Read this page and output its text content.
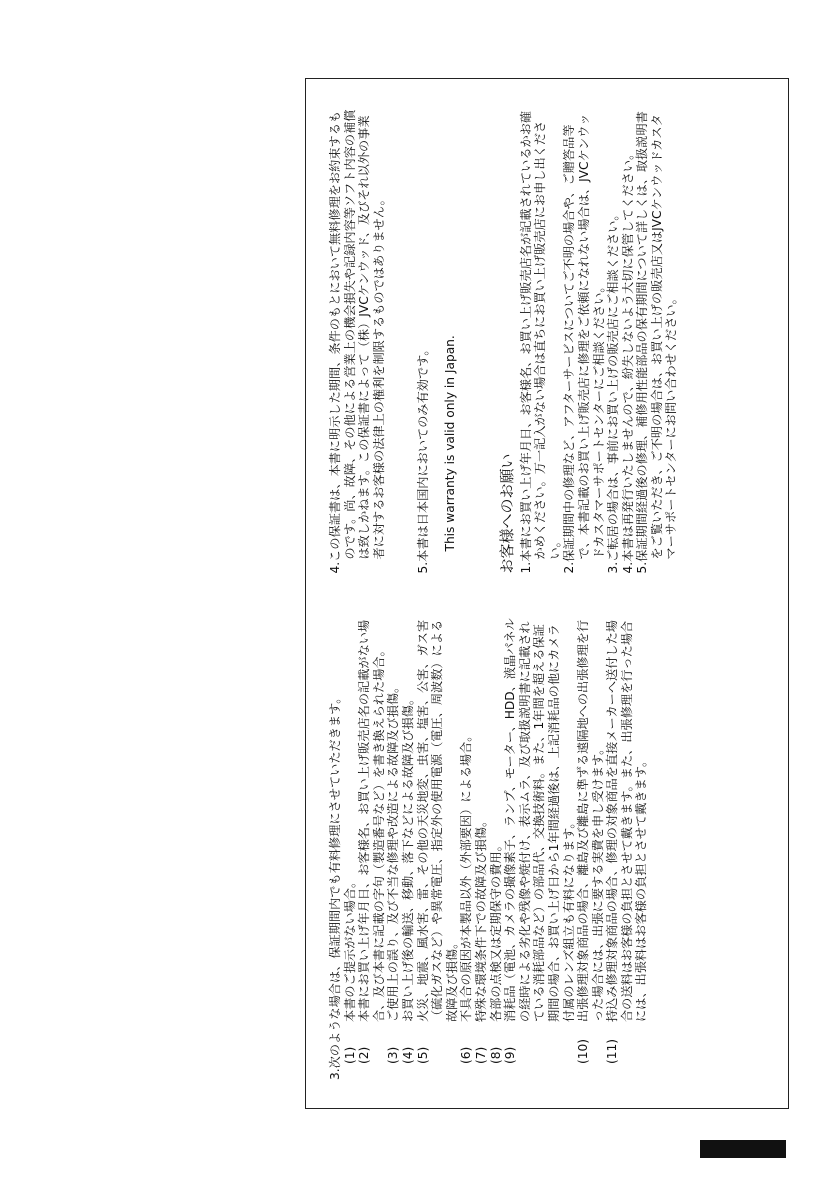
3.次のような場合は、保証期間内でも有料修理にさせていただきます。 (1)本書のご提示がない場合。

(2)本書にお買い上げ年月日、お客様名、お買い上げ販売店名の記載がない場合、及び本書に記載の字句（製造番号など）を書き換えられた場合。

(3)ご使用上の誤り、及び不当な修理や改造による故障及び損傷。

(4)お買い上げ後の輸送、移動、落下などによる故障及び損傷。

(5)火災、地震、風水害、雷、その他の天災地変、虫害、塩害、公害、ガス害（硫化ガスなど）や異常電圧、指定外の使用電源（電圧、周波数）による故障及び損傷。

(6)不具合の原因が本製品以外（外部要因）による場合。

(7)特殊な環境条件下での故障及び損傷。

(8)各部の点検又は定期保守の費用。

(9)消耗品（電池、カメラの撮像素子、ランプ、モーター、HDD、液晶パネルの経時による劣化や残像や焼付け、表示ムラ、及び取扱説明書に記載されている消耗部品など）の部品代、交換技術料。また、1年間を超える保証期間の場合、お買い上げ日から1年間経過後は、上記消耗品の他にカメラ付属のレンズ組立も有料になります。

(10)出張修理対象商品の場合、離島及び離島に準ずる遠隔地への出張修理を行った場合には、出張に要する実費を申し受けます。

(11)持込み修理対象商品の場合、修理の対象商品を直接メーカーへ送付した場合の送料はお客様の負担とさせて戴きます。また、出張修理を行った場合には、出張料はお客様の負担とさせて戴きます。

4.この保証書は、本書に明示した期間、条件のもとにおいて無料修理をお約束するものです。尚、故障、その他による営業上の機会損失や記録内容等ソフト内容の補償は致しかねます。この保証書によって（株）JVCケンウッド、及びそれ以外の事業者に対するお客様の法律上の権利を制限するものではありません。	5.本書は日本国内においてのみ有効です。 This warranty is valid only in Japan.	お客様へのお願い 1.本書にお買い上げ年月日、お客様名、お買い上げ販売店名が記載されているかお確かめください。万一記入がない場合は直ちにお買い上げ販売店にお申し出ください。 2.保証期間中の修理など、アフターサービスについてご不明の場合や、ご贈答品等で、本書記載のお買い上げ販売店に修理をご依頼になれない場合は、JVCケンウッドカスタマーサポートセンターにご相談ください。 3.ご転居の場合は、事前にお買い上げの販売店にご相談ください。 4.本書は再発行いたしませんので、紛失しないよう大切に保管してください。 5.保証期間経過後の修理、補修用性能部品の保有期間について詳しくは、取扱説明書をご覧いただき、ご不明の場合は、お買い上げの販売店又はJVCケンウッドカスタマーサポートセンターにお問い合わせください。
